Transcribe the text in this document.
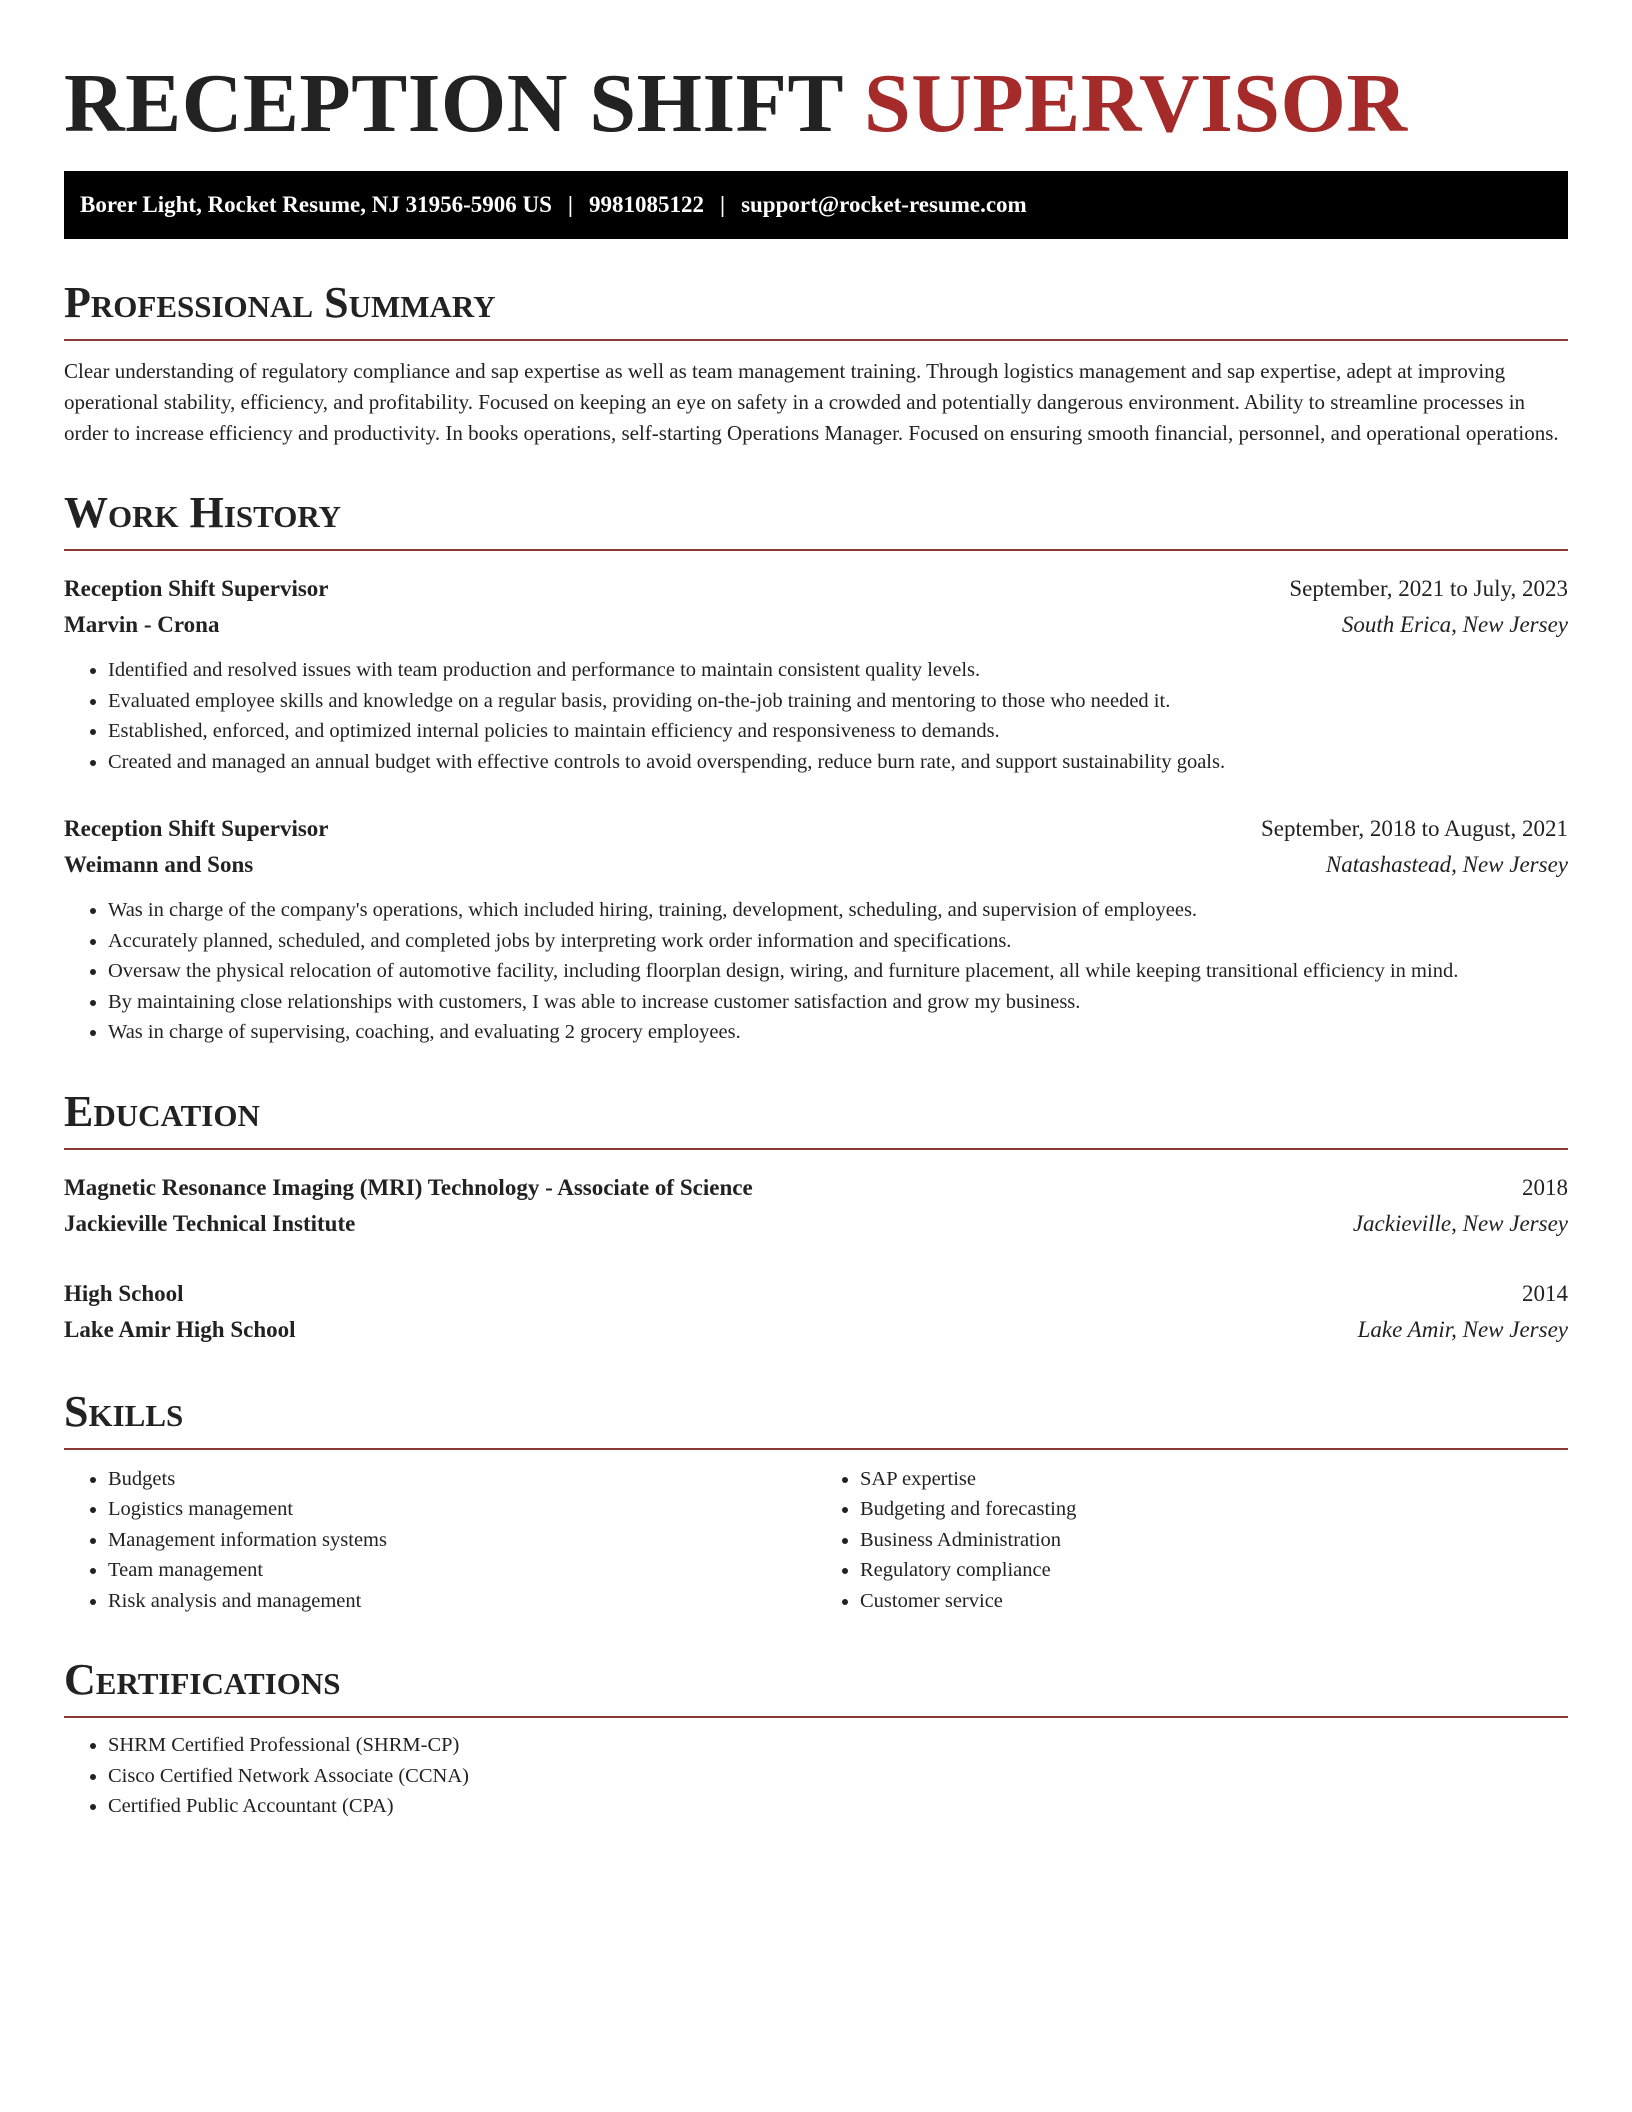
RECEPTION SHIFT SUPERVISOR
Borer Light, Rocket Resume, NJ 31956-5906 US | 9981085122 | support@rocket-resume.com
Professional Summary
Clear understanding of regulatory compliance and sap expertise as well as team management training. Through logistics management and sap expertise, adept at improving operational stability, efficiency, and profitability. Focused on keeping an eye on safety in a crowded and potentially dangerous environment. Ability to streamline processes in order to increase efficiency and productivity. In books operations, self-starting Operations Manager. Focused on ensuring smooth financial, personnel, and operational operations.
Work History
Reception Shift Supervisor	September, 2021 to July, 2023
Marvin - Crona	South Erica, New Jersey
• Identified and resolved issues with team production and performance to maintain consistent quality levels.
• Evaluated employee skills and knowledge on a regular basis, providing on-the-job training and mentoring to those who needed it.
• Established, enforced, and optimized internal policies to maintain efficiency and responsiveness to demands.
• Created and managed an annual budget with effective controls to avoid overspending, reduce burn rate, and support sustainability goals.
Reception Shift Supervisor	September, 2018 to August, 2021
Weimann and Sons	Natashastead, New Jersey
• Was in charge of the company's operations, which included hiring, training, development, scheduling, and supervision of employees.
• Accurately planned, scheduled, and completed jobs by interpreting work order information and specifications.
• Oversaw the physical relocation of automotive facility, including floorplan design, wiring, and furniture placement, all while keeping transitional efficiency in mind.
• By maintaining close relationships with customers, I was able to increase customer satisfaction and grow my business.
• Was in charge of supervising, coaching, and evaluating 2 grocery employees.
Education
Magnetic Resonance Imaging (MRI) Technology - Associate of Science	2018
Jackieville Technical Institute	Jackieville, New Jersey
High School	2014
Lake Amir High School	Lake Amir, New Jersey
Skills
• Budgets
• Logistics management
• Management information systems
• Team management
• Risk analysis and management
• SAP expertise
• Budgeting and forecasting
• Business Administration
• Regulatory compliance
• Customer service
Certifications
• SHRM Certified Professional (SHRM-CP)
• Cisco Certified Network Associate (CCNA)
• Certified Public Accountant (CPA)
